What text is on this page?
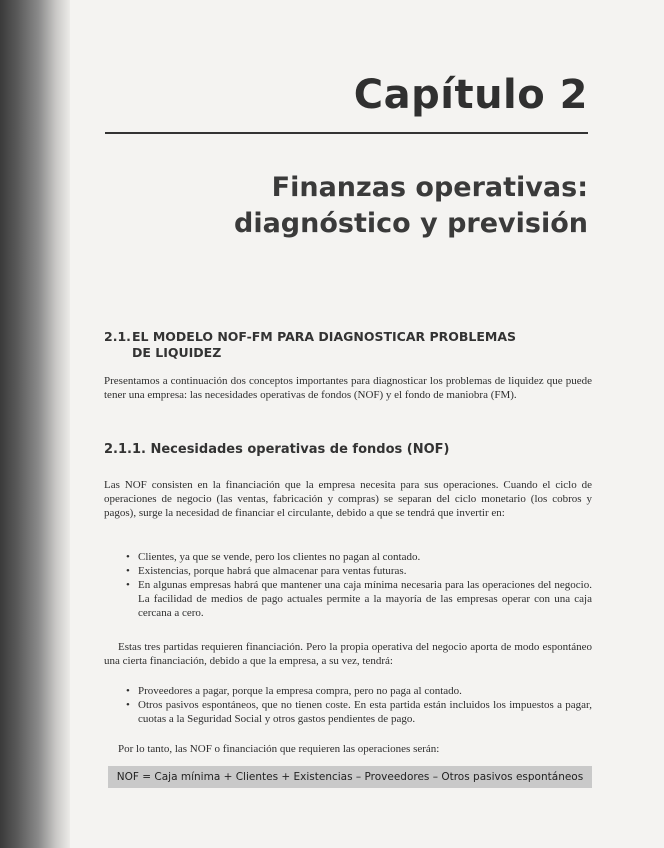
Capítulo 2
Finanzas operativas:
diagnóstico y previsión
2.1.EL MODELO NOF-FM PARA DIAGNOSTICAR PROBLEMAS
DE LIQUIDEZ

Presentamos a continuación dos conceptos importantes para diagnosticar los problemas de liquidez que puede tener una empresa: las necesidades operativas de fondos (NOF) y el fondo de maniobra (FM).

2.1.1. Necesidades operativas de fondos (NOF)

Las NOF consisten en la financiación que la empresa necesita para sus operaciones. Cuando el ciclo de operaciones de negocio (las ventas, fabricación y compras) se separan del ciclo monetario (los cobros y pagos), surge la necesidad de financiar el circulante, debido a que se tendrá que invertir en:

• Clientes, ya que se vende, pero los clientes no pagan al contado.
• Existencias, porque habrá que almacenar para ventas futuras.
• En algunas empresas habrá que mantener una caja mínima necesaria para las operaciones del negocio. La facilidad de medios de pago actuales permite a la mayoría de las empresas operar con una caja cercana a cero.

Estas tres partidas requieren financiación. Pero la propia operativa del negocio aporta de modo espontáneo una cierta financiación, debido a que la empresa, a su vez, tendrá:

• Proveedores a pagar, porque la empresa compra, pero no paga al contado.
• Otros pasivos espontáneos, que no tienen coste. En esta partida están incluidos los impuestos a pagar, cuotas a la Seguridad Social y otros gastos pendientes de pago.

Por lo tanto, las NOF o financiación que requieren las operaciones serán:

NOF = Caja mínima + Clientes + Existencias – Proveedores – Otros pasivos espontáneos
